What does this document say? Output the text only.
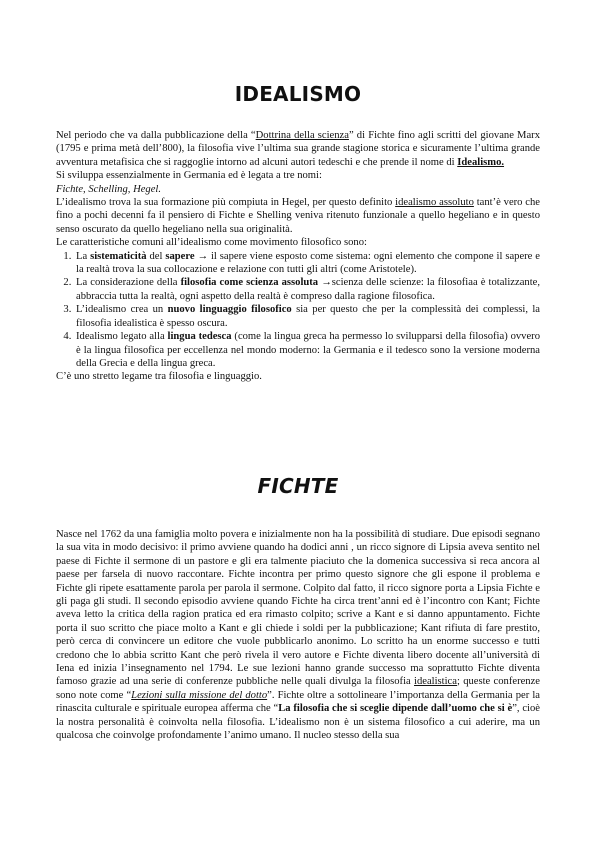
IDEALISMO

Nel periodo che va dalla pubblicazione della “Dottrina della scienza” di Fichte fino agli scritti del giovane Marx (1795 e prima metà dell’800), la filosofia vive l’ultima sua grande stagione storica e sicuramente l’ultima grande avventura metafisica che si raggoglie intorno ad alcuni autori tedeschi e che prende il nome di Idealismo.

Si sviluppa essenzialmente in Germania ed è legata a tre nomi:

Fichte, Schelling, Hegel.

L’idealismo trova la sua formazione più compiuta in Hegel, per questo definito idealismo assoluto tant’è vero che fino a pochi decenni fa il pensiero di Fichte e Shelling veniva ritenuto funzionale a quello hegeliano e in questo senso oscurato da quello hegeliano nella sua originalità.

Le caratteristiche comuni all’idealismo come movimento filosofico sono:

1. La sistematicità del sapere → il sapere viene esposto come sistema: ogni elemento che compone il sapere e la realtà trova la sua collocazione e relazione con tutti gli altri (come Aristotele).
2. La considerazione della filosofia come scienza assoluta →scienza delle scienze: la filosofiaa è totalizzante, abbraccia tutta la realtà, ogni aspetto della realtà è compreso dalla ragione filosofica.
3. L’idealismo crea un nuovo linguaggio filosofico sia per questo che per la complessità dei complessi, la filosofia idealistica è spesso oscura.
4. Idealismo legato alla lingua tedesca (come la lingua greca ha permesso lo svilupparsi della filosofia) ovvero è la lingua filosofica per eccellenza nel mondo moderno: la Germania e il tedesco sono la versione moderna della Grecia e della lingua greca.

C’è uno stretto legame tra filosofia e linguaggio.

FICHTE

Nasce nel 1762 da una famiglia molto povera e inizialmente non ha la possibilità di studiare. Due episodi segnano la sua vita in modo decisivo: il primo avviene quando ha dodici anni , un ricco signore di Lipsia aveva sentito nel paese di Fichte il sermone di un pastore e gli era talmente piaciuto che la domenica successiva si reca ancora al paese per farsela di nuovo raccontare. Fichte incontra per primo questo signore che gli espone il problema e Fichte gli ripete esattamente parola per parola il sermone. Colpito dal fatto, il ricco signore porta a Lipsia Fichte e gli paga gli studi. Il secondo episodio avviene quando Fichte ha circa trent’anni ed è l’incontro con Kant; Fichte aveva letto la critica della ragion pratica ed era rimasto colpito; scrive a Kant e si danno appuntamento. Fichte porta il suo scritto che piace molto a Kant e gli chiede i soldi per la pubblicazione; Kant rifiuta di fare prestito, però cerca di convincere un editore che vuole pubblicarlo anonimo. Lo scritto ha un enorme successo e tutti credono che lo abbia scritto Kant che però rivela il vero autore e Fichte diventa libero docente all’università di Iena ed inizia l’insegnamento nel 1794. Le sue lezioni hanno grande successo ma soprattutto Fichte diventa famoso grazie ad una serie di conferenze pubbliche nelle quali divulga la filosofia idealistica; queste conferenze sono note come “Lezioni sulla missione del dotto”. Fichte oltre a sottolineare l’importanza della Germania per la rinascita culturale e spirituale europea afferma che “La filosofia che si sceglie dipende dall’uomo che si è”, cioè la nostra personalità è coinvolta nella filosofia. L’idealismo non è un sistema filosofico a cui aderire, ma un qualcosa che coinvolge profondamente l’animo umano. Il nucleo stesso della sua
